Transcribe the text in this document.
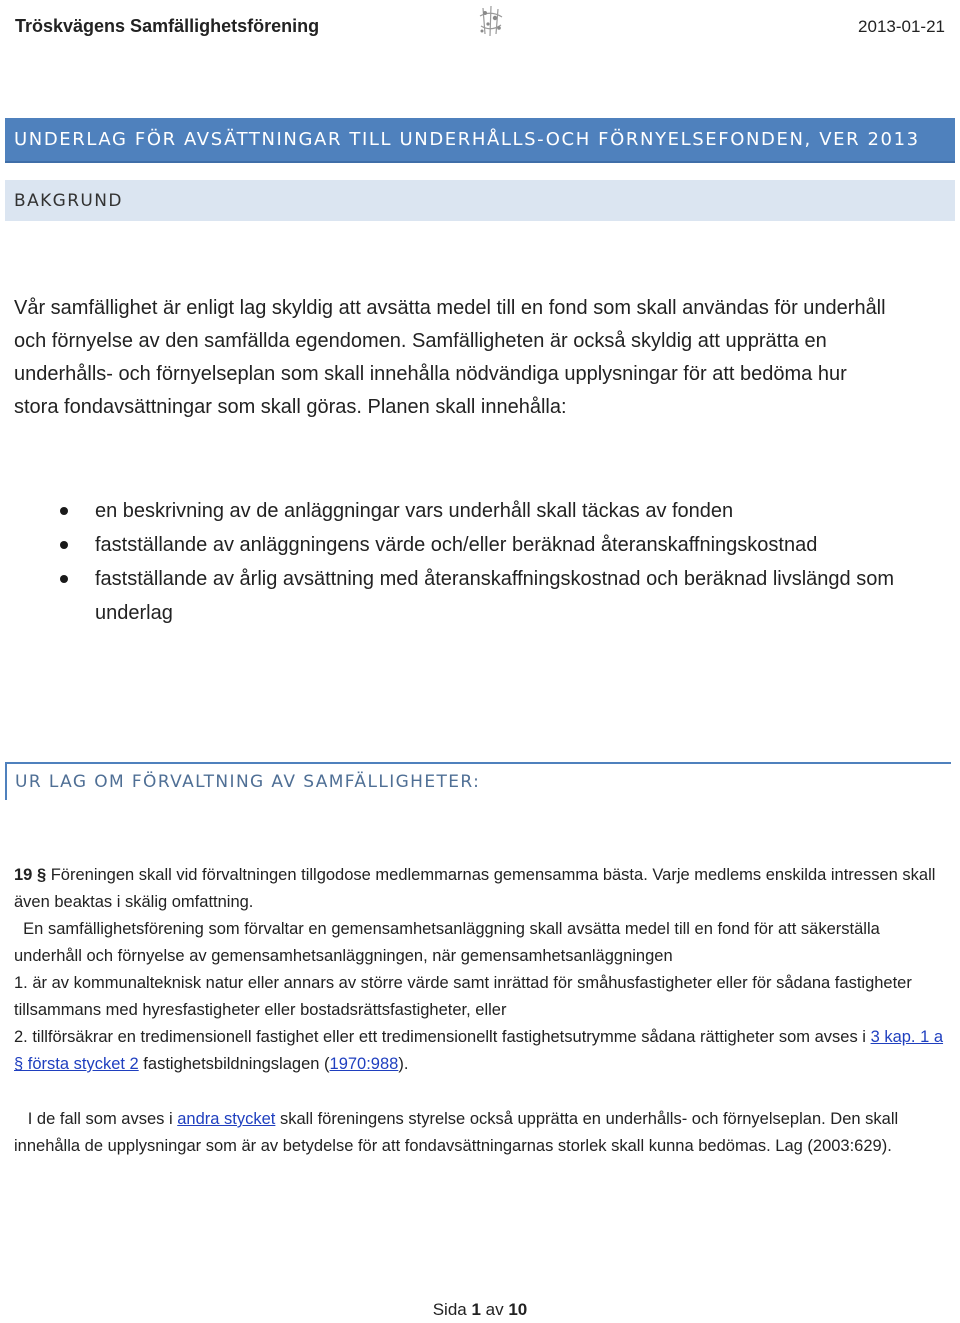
Tröskvägens Samfällighetsförening	2013-01-21
UNDERLAG FÖR AVSÄTTNINGAR TILL UNDERHÅLLS-OCH FÖRNYELSEFONDEN, VER 2013
BAKGRUND
Vår samfällighet är enligt lag skyldig att avsätta medel till en fond som skall användas för underhåll
och förnyelse av den samfällda egendomen. Samfälligheten är också skyldig att upprätta en
underhålls- och förnyelseplan som skall innehålla nödvändiga upplysningar för att bedöma hur
stora fondavsättningar som skall göras. Planen skall innehålla:
en beskrivning av de anläggningar vars underhåll skall täckas av fonden
fastställande av anläggningens värde och/eller beräknad återanskaffningskostnad
fastställande av årlig avsättning med återanskaffningskostnad och beräknad livslängd som underlag
UR LAG OM FÖRVALTNING AV SAMFÄLLIGHETER:

19 § Föreningen skall vid förvaltningen tillgodose medlemmarnas gemensamma bästa. Varje medlems enskilda intressen skall även beaktas i skälig omfattning.

En samfällighetsförening som förvaltar en gemensamhetsanläggning skall avsätta medel till en fond för att säkerställa underhåll och förnyelse av gemensamhetsanläggningen, när gemensamhetsanläggningen

1. är av kommunalteknisk natur eller annars av större värde samt inrättad för småhusfastigheter eller för sådana fastigheter tillsammans med hyresfastigheter eller bostadsrättsfastigheter, eller

2. tillförsäkrar en tredimensionell fastighet eller ett tredimensionellt fastighetsutrymme sådana rättigheter som avses i 3 kap. 1 a § första stycket 2 fastighetsbildningslagen (1970:988).

I de fall som avses i andra stycket skall föreningens styrelse också upprätta en underhålls- och förnyelseplan. Den skall innehålla de upplysningar som är av betydelse för att fondavsättningarnas storlek skall kunna bedömas. Lag (2003:629).

Sida 1 av 10
